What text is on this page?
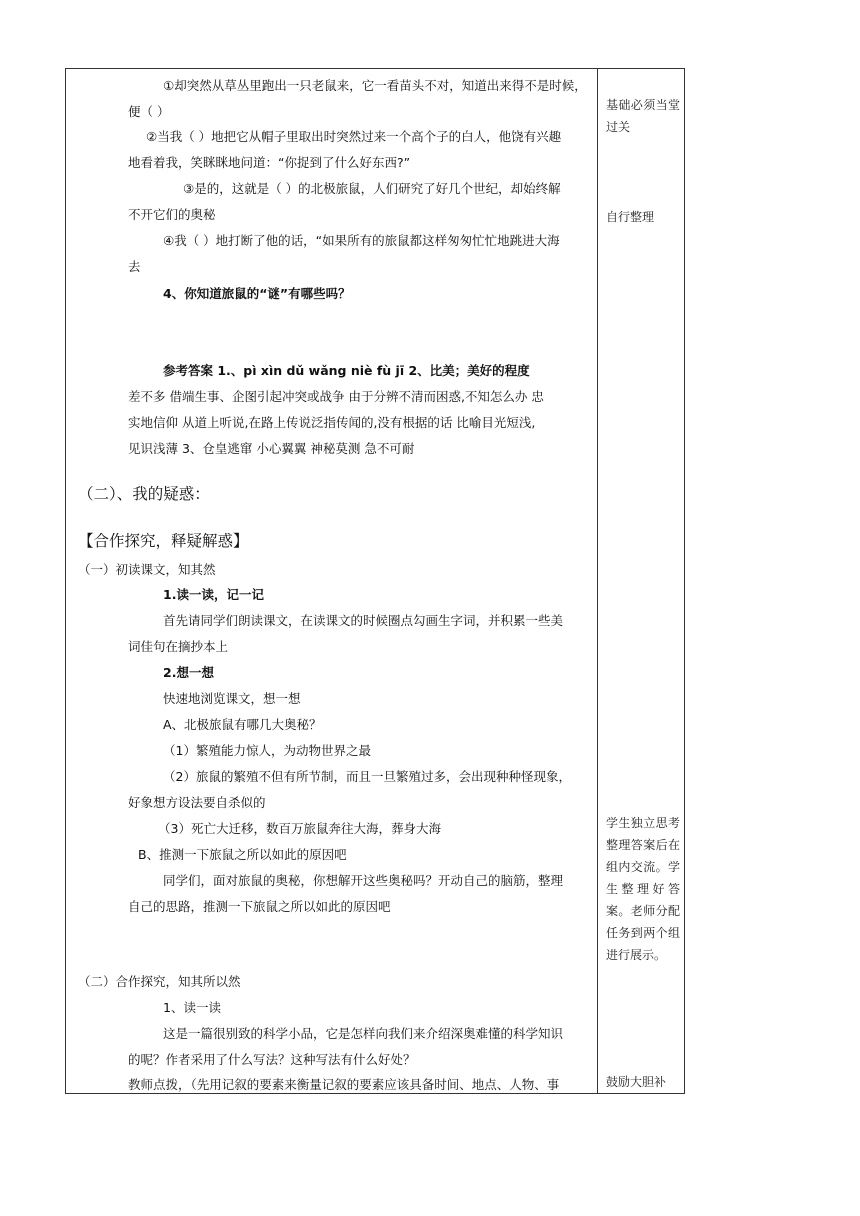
①却突然从草丛里跑出一只老鼠来，它一看苗头不对，知道出来得不是时候，
便（ ）
②当我（ ）地把它从帽子里取出时突然过来一个高个子的白人，他饶有兴趣
地看着我，笑眯眯地问道：“你捉到了什么好东西?”
③是的，这就是（ ）的北极旅鼠，人们研究了好几个世纪，却始终解
不开它们的奥秘
④我（ ）地打断了他的话，“如果所有的旅鼠都这样匆匆忙忙地跳进大海
去
4、你知道旅鼠的“谜”有哪些吗？
参考答案 1.、pì xìn dǔ wǎng niè fù jī 2、比美；美好的程度
差不多 借端生事、企图引起冲突或战争 由于分辨不清而困惑,不知怎么办 忠
实地信仰 从道上听说,在路上传说泛指传闻的,没有根据的话 比喻目光短浅,
见识浅薄 3、仓皇逃窜 小心翼翼 神秘莫测 急不可耐
（二）、我的疑惑：
【合作探究，释疑解惑】
（一）初读课文，知其然
1.读一读，记一记
首先请同学们朗读课文，在读课文的时候圈点勾画生字词，并积累一些美
词佳句在摘抄本上
2.想一想
快速地浏览课文，想一想
A、北极旅鼠有哪几大奥秘？
（1）繁殖能力惊人，为动物世界之最
（2）旅鼠的繁殖不但有所节制，而且一旦繁殖过多，会出现种种怪现象，
好象想方设法要自杀似的
（3）死亡大迁移，数百万旅鼠奔往大海，葬身大海
B、推测一下旅鼠之所以如此的原因吧
同学们，面对旅鼠的奥秘，你想解开这些奥秘吗？开动自己的脑筋，整理
自己的思路，推测一下旅鼠之所以如此的原因吧
（二）合作探究，知其所以然
1、读一读
这是一篇很别致的科学小品，它是怎样向我们来介绍深奥难懂的科学知识
的呢？作者采用了什么写法？这种写法有什么好处？
教师点拨，（先用记叙的要素来衡量记叙的要素应该具备时间、地点、人物、事
基础必须当堂过关
自行整理
学生独立思考整理答案后在组内交流。学生整理好答案。老师分配任务到两个组进行展示。
鼓励大胆补
